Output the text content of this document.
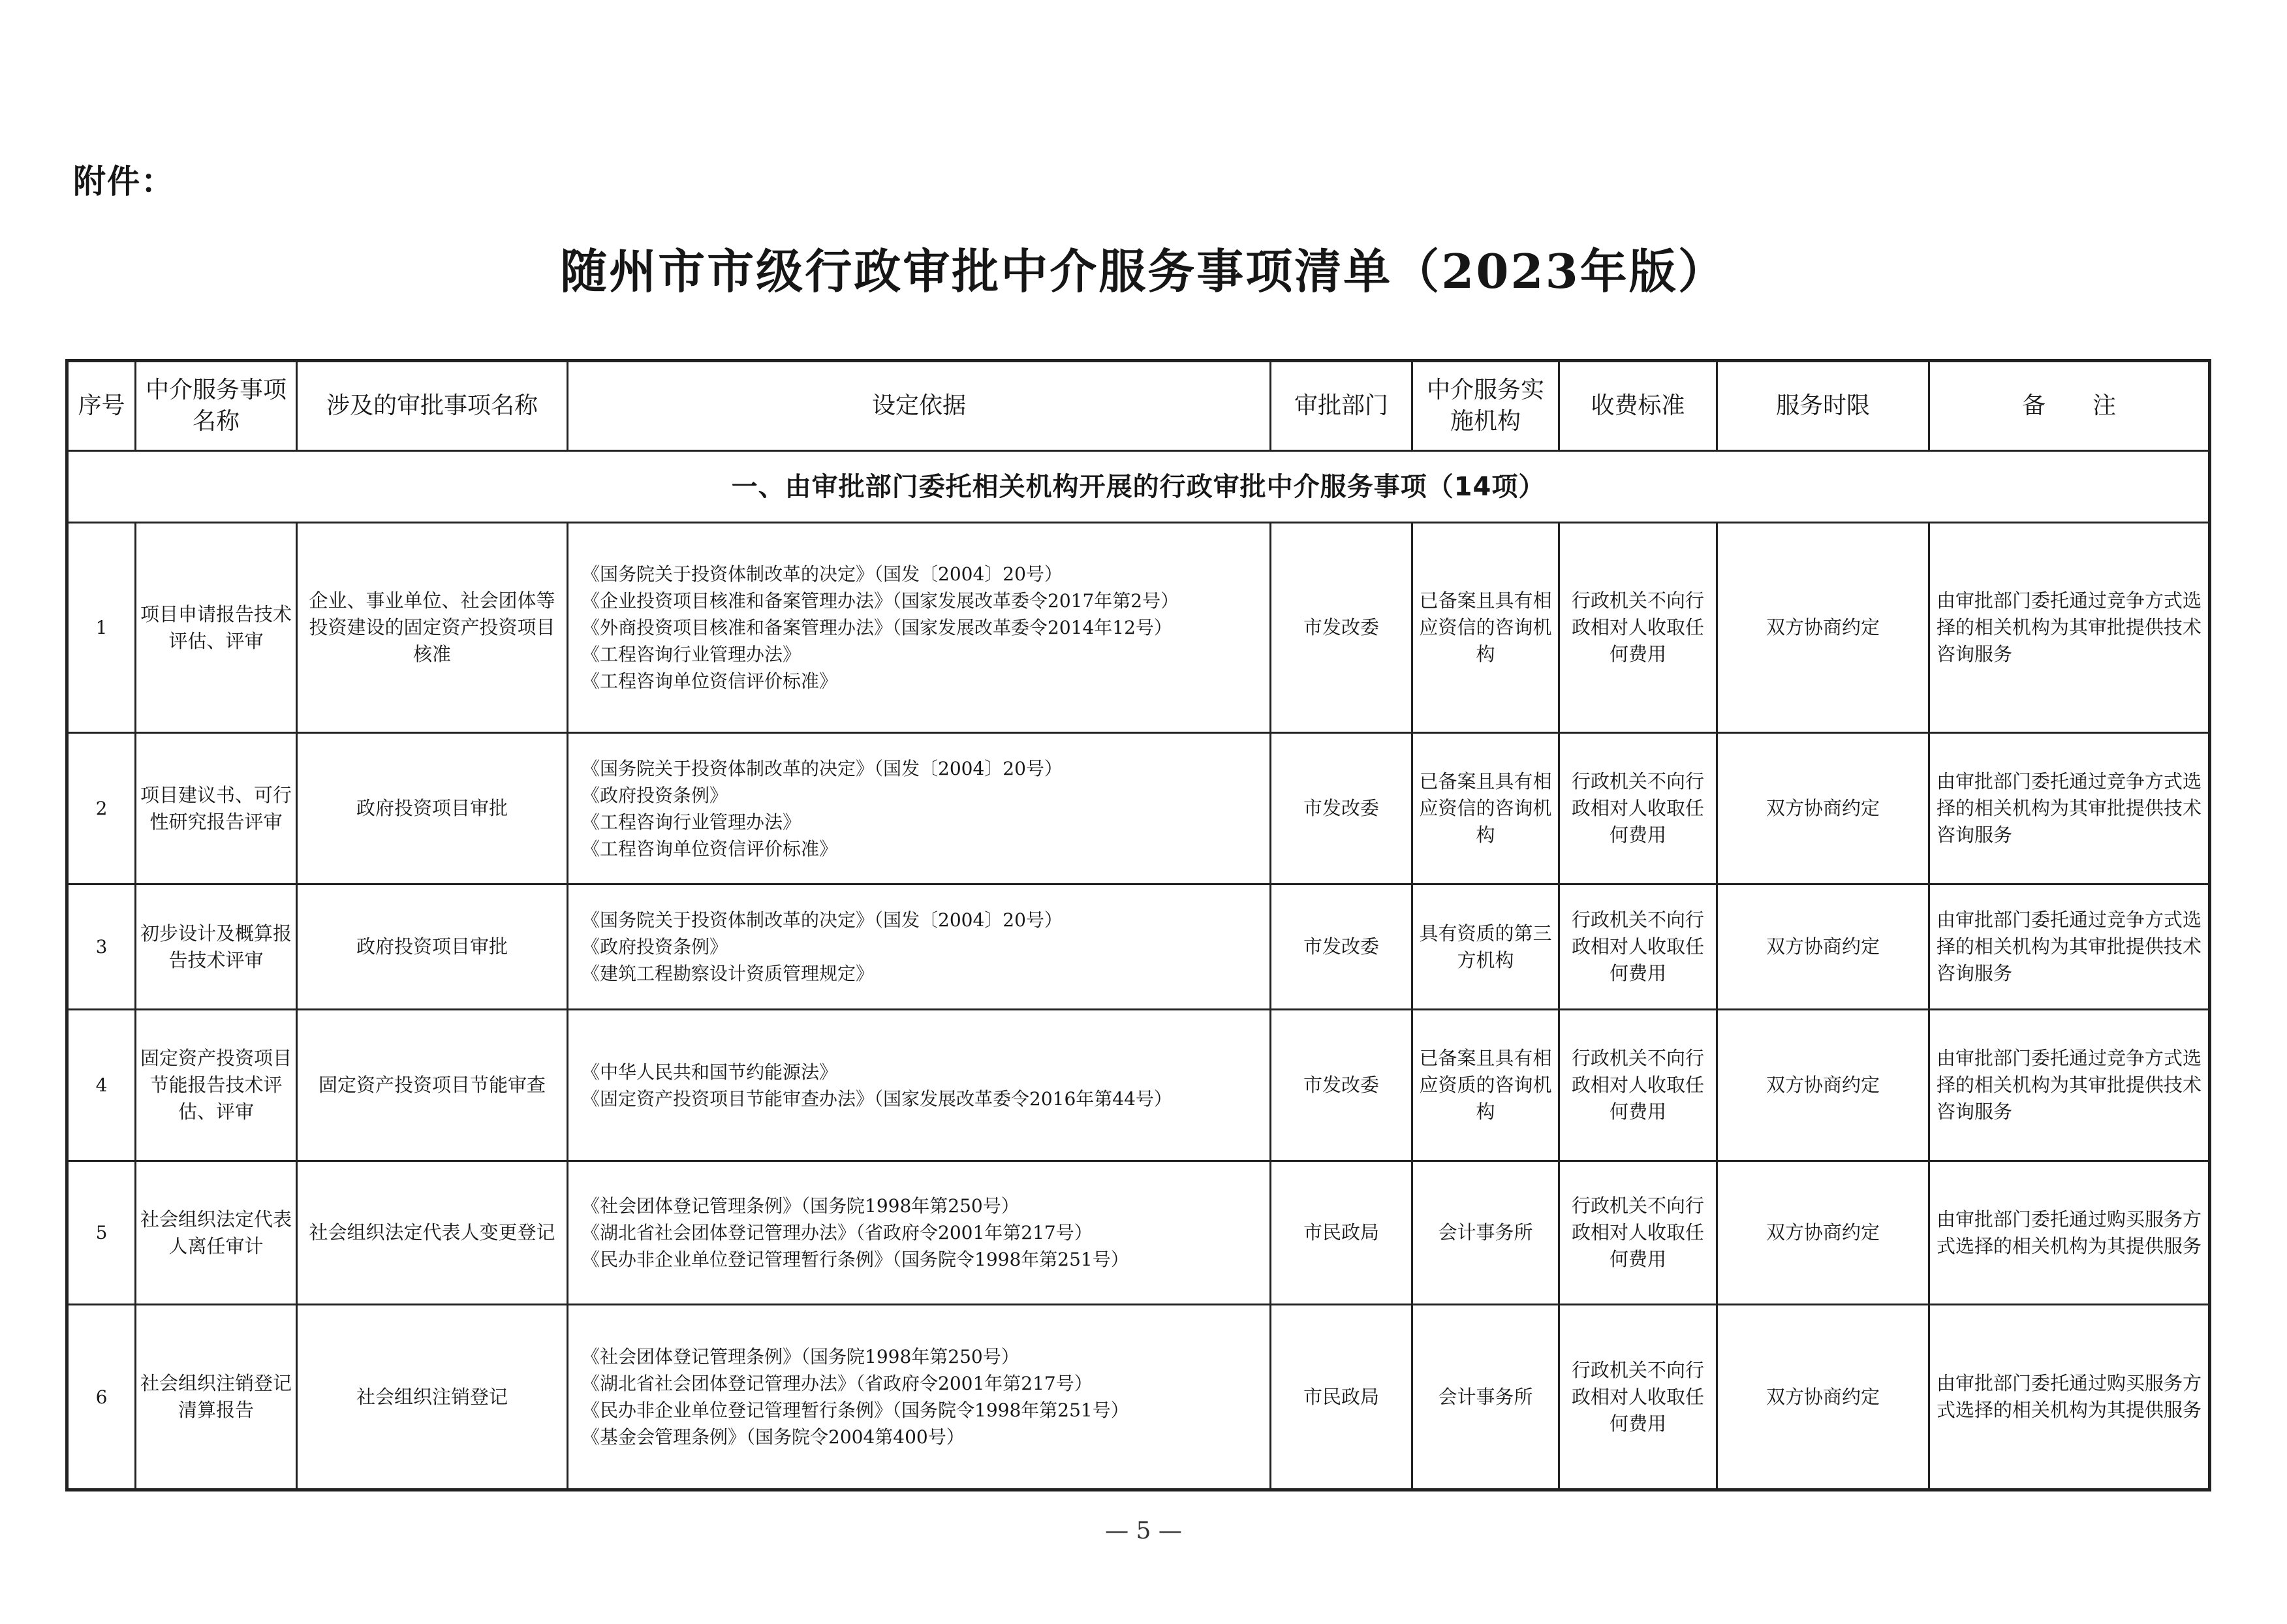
附件：
随州市市级行政审批中介服务事项清单（2023年版）
序号	中介服务事项名称	涉及的审批事项名称	设定依据	审批部门	中介服务实施机构	收费标准	服务时限	备　　注
一、由审批部门委托相关机构开展的行政审批中介服务事项（14项）								
1	项目申请报告技术评估、评审	企业、事业单位、社会团体等投资建设的固定资产投资项目核准	《国务院关于投资体制改革的决定》（国发〔2004〕20号）
《企业投资项目核准和备案管理办法》（国家发展改革委令2017年第2号）
《外商投资项目核准和备案管理办法》（国家发展改革委令2014年12号）
《工程咨询行业管理办法》
《工程咨询单位资信评价标准》	市发改委	已备案且具有相应资信的咨询机构	行政机关不向行政相对人收取任何费用	双方协商约定	由审批部门委托通过竞争方式选择的相关机构为其审批提供技术咨询服务
2	项目建议书、可行性研究报告评审	政府投资项目审批	《国务院关于投资体制改革的决定》（国发〔2004〕20号）
《政府投资条例》
《工程咨询行业管理办法》
《工程咨询单位资信评价标准》	市发改委	已备案且具有相应资信的咨询机构	行政机关不向行政相对人收取任何费用	双方协商约定	由审批部门委托通过竞争方式选择的相关机构为其审批提供技术咨询服务
3	初步设计及概算报告技术评审	政府投资项目审批	《国务院关于投资体制改革的决定》（国发〔2004〕20号）
《政府投资条例》
《建筑工程勘察设计资质管理规定》	市发改委	具有资质的第三方机构	行政机关不向行政相对人收取任何费用	双方协商约定	由审批部门委托通过竞争方式选择的相关机构为其审批提供技术咨询服务
4	固定资产投资项目节能报告技术评估、评审	固定资产投资项目节能审查	《中华人民共和国节约能源法》
《固定资产投资项目节能审查办法》（国家发展改革委令2016年第44号）	市发改委	已备案且具有相应资质的咨询机构	行政机关不向行政相对人收取任何费用	双方协商约定	由审批部门委托通过竞争方式选择的相关机构为其审批提供技术咨询服务
5	社会组织法定代表人离任审计	社会组织法定代表人变更登记	《社会团体登记管理条例》（国务院1998年第250号）
《湖北省社会团体登记管理办法》（省政府令2001年第217号）
《民办非企业单位登记管理暂行条例》（国务院令1998年第251号）	市民政局	会计事务所	行政机关不向行政相对人收取任何费用	双方协商约定	由审批部门委托通过购买服务方式选择的相关机构为其提供服务
6	社会组织注销登记清算报告	社会组织注销登记	《社会团体登记管理条例》（国务院1998年第250号）
《湖北省社会团体登记管理办法》（省政府令2001年第217号）
《民办非企业单位登记管理暂行条例》（国务院令1998年第251号）
《基金会管理条例》（国务院令2004第400号）	市民政局	会计事务所	行政机关不向行政相对人收取任何费用	双方协商约定	由审批部门委托通过购买服务方式选择的相关机构为其提供服务
— 5 —
